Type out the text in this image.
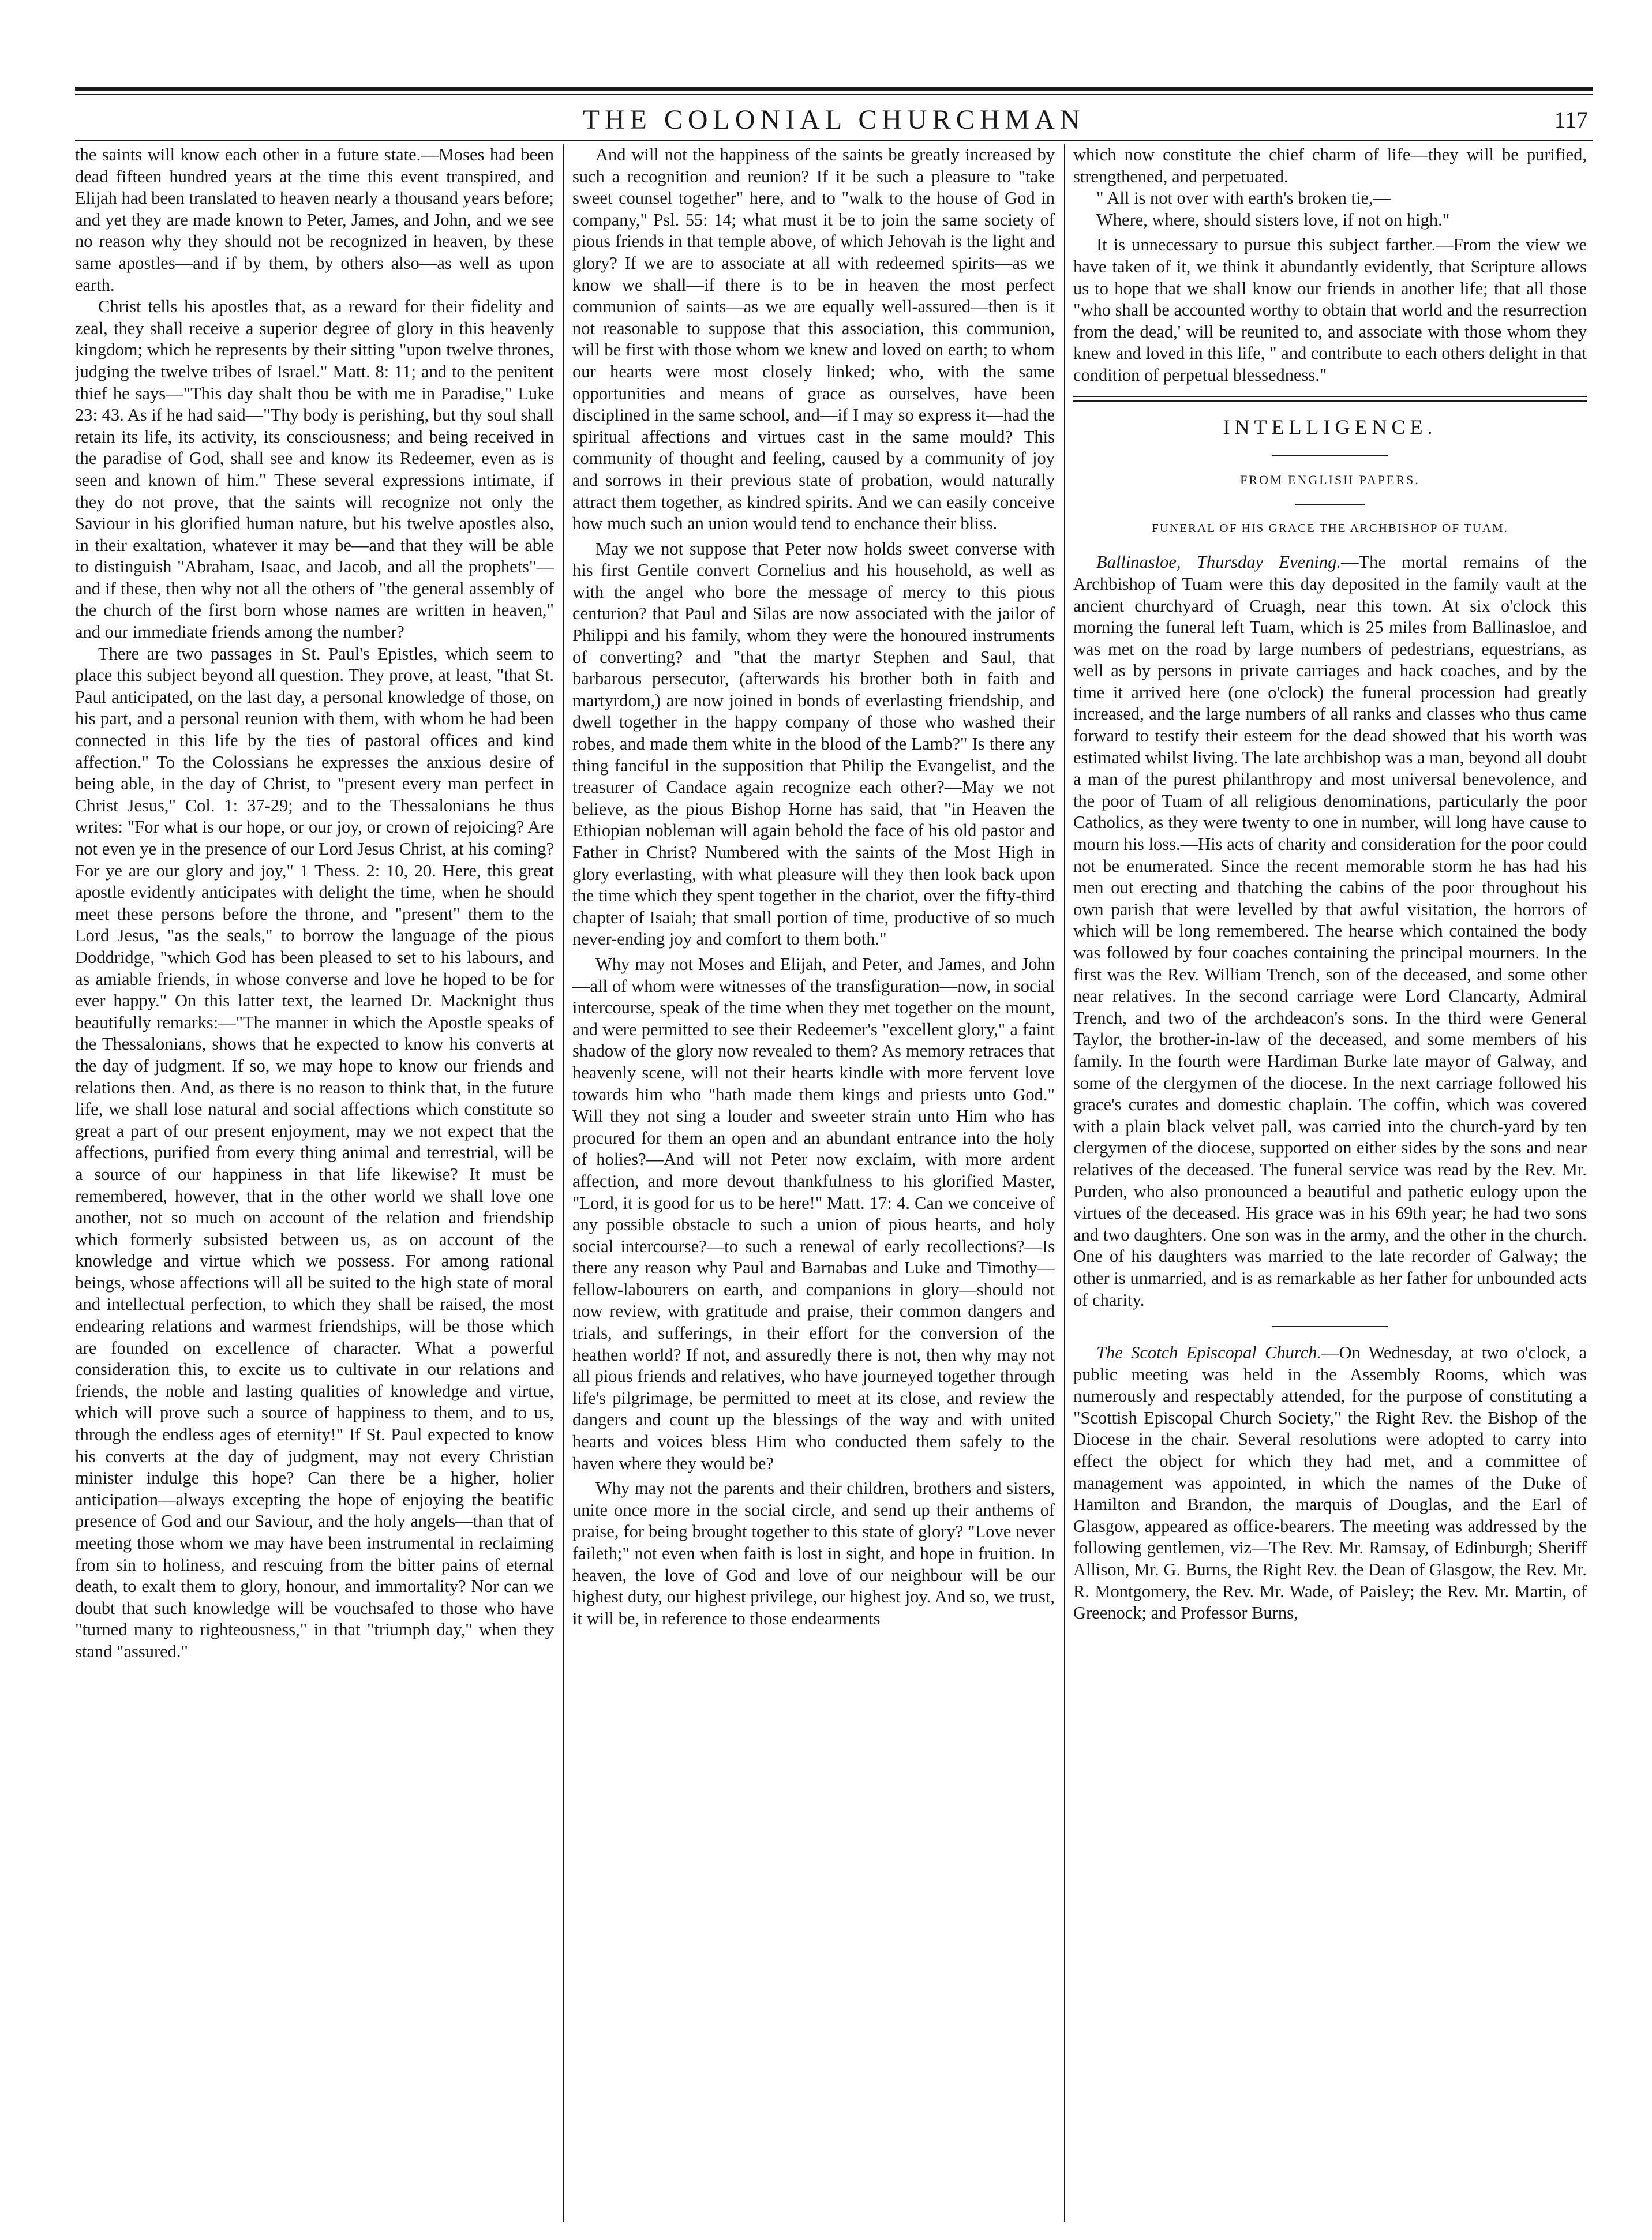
THE COLONIAL CHURCHMAN	117

the saints will know each other in a future state.—Moses had been dead fifteen hundred years at the time this event transpired, and Elijah had been translated to heaven nearly a thousand years before; and yet they are made known to Peter, James, and John, and we see no reason why they should not be recognized in heaven, by these same apostles—and if by them, by others also—as well as upon earth.

Christ tells his apostles that, as a reward for their fidelity and zeal, they shall receive a superior degree of glory in this heavenly kingdom; which he represents by their sitting "upon twelve thrones, judging the twelve tribes of Israel." Matt. 8: 11; and to the penitent thief he says—"This day shalt thou be with me in Paradise," Luke 23: 43. As if he had said—"Thy body is perishing, but thy soul shall retain its life, its activity, its consciousness; and being received in the paradise of God, shall see and know its Redeemer, even as is seen and known of him." These several expressions intimate, if they do not prove, that the saints will recognize not only the Saviour in his glorified human nature, but his twelve apostles also, in their exaltation, whatever it may be—and that they will be able to distinguish "Abraham, Isaac, and Jacob, and all the prophets"—and if these, then why not all the others of "the general assembly of the church of the first born whose names are written in heaven," and our immediate friends among the number?

There are two passages in St. Paul's Epistles, which seem to place this subject beyond all question. They prove, at least, "that St. Paul anticipated, on the last day, a personal knowledge of those, on his part, and a personal reunion with them, with whom he had been connected in this life by the ties of pastoral offices and kind affection." To the Colossians he expresses the anxious desire of being able, in the day of Christ, to "present every man perfect in Christ Jesus," Col. 1: 37-29; and to the Thessalonians he thus writes: "For what is our hope, or our joy, or crown of rejoicing? Are not even ye in the presence of our Lord Jesus Christ, at his coming? For ye are our glory and joy," 1 Thess. 2: 10, 20. Here, this great apostle evidently anticipates with delight the time, when he should meet these persons before the throne, and "present" them to the Lord Jesus, "as the seals," to borrow the language of the pious Doddridge, "which God has been pleased to set to his labours, and as amiable friends, in whose converse and love he hoped to be for ever happy." On this latter text, the learned Dr. Macknight thus beautifully remarks:—"The manner in which the Apostle speaks of the Thessalonians, shows that he expected to know his converts at the day of judgment. If so, we may hope to know our friends and relations then. And, as there is no reason to think that, in the future life, we shall lose natural and social affections which constitute so great a part of our present enjoyment, may we not expect that the affections, purified from every thing animal and terrestrial, will be a source of our happiness in that life likewise? It must be remembered, however, that in the other world we shall love one another, not so much on account of the relation and friendship which formerly subsisted between us, as on account of the knowledge and virtue which we possess. For among rational beings, whose affections will all be suited to the high state of moral and intellectual perfection, to which they shall be raised, the most endearing relations and warmest friendships, will be those which are founded on excellence of character. What a powerful consideration this, to excite us to cultivate in our relations and friends, the noble and lasting qualities of knowledge and virtue, which will prove such a source of happiness to them, and to us, through the endless ages of eternity!" If St. Paul expected to know his converts at the day of judgment, may not every Christian minister indulge this hope? Can there be a higher, holier anticipation—always excepting the hope of enjoying the beatific presence of God and our Saviour, and the holy angels—than that of meeting those whom we may have been instrumental in reclaiming from sin to holiness, and rescuing from the bitter pains of eternal death, to exalt them to glory, honour, and immortality? Nor can we doubt that such knowledge will be vouchsafed to those who have "turned many to righteousness," in that "triumph day," when they stand "assured."

And will not the happiness of the saints be greatly increased by such a recognition and reunion? If it be such a pleasure to "take sweet counsel together" here, and to "walk to the house of God in company," Psl. 55: 14; what must it be to join the same society of pious friends in that temple above, of which Jehovah is the light and glory? If we are to associate at all with redeemed spirits—as we know we shall—if there is to be in heaven the most perfect communion of saints—as we are equally well-assured—then is it not reasonable to suppose that this association, this communion, will be first with those whom we knew and loved on earth; to whom our hearts were most closely linked; who, with the same opportunities and means of grace as ourselves, have been disciplined in the same school, and—if I may so express it—had the spiritual affections and virtues cast in the same mould? This community of thought and feeling, caused by a community of joy and sorrows in their previous state of probation, would naturally attract them together, as kindred spirits. And we can easily conceive how much such an union would tend to enchance their bliss.

May we not suppose that Peter now holds sweet converse with his first Gentile convert Cornelius and his household, as well as with the angel who bore the message of mercy to this pious centurion? that Paul and Silas are now associated with the jailor of Philippi and his family, whom they were the honoured instruments of converting? and "that the martyr Stephen and Saul, that barbarous persecutor, (afterwards his brother both in faith and martyrdom,) are now joined in bonds of everlasting friendship, and dwell together in the happy company of those who washed their robes, and made them white in the blood of the Lamb?" Is there any thing fanciful in the supposition that Philip the Evangelist, and the treasurer of Candace again recognize each other?—May we not believe, as the pious Bishop Horne has said, that "in Heaven the Ethiopian nobleman will again behold the face of his old pastor and Father in Christ? Numbered with the saints of the Most High in glory everlasting, with what pleasure will they then look back upon the time which they spent together in the chariot, over the fifty-third chapter of Isaiah; that small portion of time, productive of so much never-ending joy and comfort to them both."

Why may not Moses and Elijah, and Peter, and James, and John—all of whom were witnesses of the transfiguration—now, in social intercourse, speak of the time when they met together on the mount, and were permitted to see their Redeemer's "excellent glory," a faint shadow of the glory now revealed to them? As memory retraces that heavenly scene, will not their hearts kindle with more fervent love towards him who "hath made them kings and priests unto God." Will they not sing a louder and sweeter strain unto Him who has procured for them an open and an abundant entrance into the holy of holies?—And will not Peter now exclaim, with more ardent affection, and more devout thankfulness to his glorified Master, "Lord, it is good for us to be here!" Matt. 17: 4. Can we conceive of any possible obstacle to such a union of pious hearts, and holy social intercourse?—to such a renewal of early recollections?—Is there any reason why Paul and Barnabas and Luke and Timothy—fellow-labourers on earth, and companions in glory—should not now review, with gratitude and praise, their common dangers and trials, and sufferings, in their effort for the conversion of the heathen world? If not, and assuredly there is not, then why may not all pious friends and relatives, who have journeyed together through life's pilgrimage, be permitted to meet at its close, and review the dangers and count up the blessings of the way and with united hearts and voices bless Him who conducted them safely to the haven where they would be?

Why may not the parents and their children, brothers and sisters, unite once more in the social circle, and send up their anthems of praise, for being brought together to this state of glory? "Love never faileth;" not even when faith is lost in sight, and hope in fruition. In heaven, the love of God and love of our neighbour will be our highest duty, our highest privilege, our highest joy. And so, we trust, it will be, in reference to those endearments

which now constitute the chief charm of life—they will be purified, strengthened, and perpetuated.

" All is not over with earth's broken tie,—

Where, where, should sisters love, if not on high."

It is unnecessary to pursue this subject farther.—From the view we have taken of it, we think it abundantly evidently, that Scripture allows us to hope that we shall know our friends in another life; that all those "who shall be accounted worthy to obtain that world and the resurrection from the dead,' will be reunited to, and associate with those whom they knew and loved in this life, " and contribute to each others delight in that condition of perpetual blessedness."

INTELLIGENCE.
FROM ENGLISH PAPERS.
FUNERAL OF HIS GRACE THE ARCHBISHOP OF TUAM.

Ballinasloe, Thursday Evening.—The mortal remains of the Archbishop of Tuam were this day deposited in the family vault at the ancient churchyard of Cruagh, near this town. At six o'clock this morning the funeral left Tuam, which is 25 miles from Ballinasloe, and was met on the road by large numbers of pedestrians, equestrians, as well as by persons in private carriages and hack coaches, and by the time it arrived here (one o'clock) the funeral procession had greatly increased, and the large numbers of all ranks and classes who thus came forward to testify their esteem for the dead showed that his worth was estimated whilst living. The late archbishop was a man, beyond all doubt a man of the purest philanthropy and most universal benevolence, and the poor of Tuam of all religious denominations, particularly the poor Catholics, as they were twenty to one in number, will long have cause to mourn his loss.—His acts of charity and consideration for the poor could not be enumerated. Since the recent memorable storm he has had his men out erecting and thatching the cabins of the poor throughout his own parish that were levelled by that awful visitation, the horrors of which will be long remembered. The hearse which contained the body was followed by four coaches containing the principal mourners. In the first was the Rev. William Trench, son of the deceased, and some other near relatives. In the second carriage were Lord Clancarty, Admiral Trench, and two of the archdeacon's sons. In the third were General Taylor, the brother-in-law of the deceased, and some members of his family. In the fourth were Hardiman Burke late mayor of Galway, and some of the clergymen of the diocese. In the next carriage followed his grace's curates and domestic chaplain. The coffin, which was covered with a plain black velvet pall, was carried into the church-yard by ten clergymen of the diocese, supported on either sides by the sons and near relatives of the deceased. The funeral service was read by the Rev. Mr. Purden, who also pronounced a beautiful and pathetic eulogy upon the virtues of the deceased. His grace was in his 69th year; he had two sons and two daughters. One son was in the army, and the other in the church. One of his daughters was married to the late recorder of Galway; the other is unmarried, and is as remarkable as her father for unbounded acts of charity.

The Scotch Episcopal Church.—On Wednesday, at two o'clock, a public meeting was held in the Assembly Rooms, which was numerously and respectably attended, for the purpose of constituting a "Scottish Episcopal Church Society," the Right Rev. the Bishop of the Diocese in the chair. Several resolutions were adopted to carry into effect the object for which they had met, and a committee of management was appointed, in which the names of the Duke of Hamilton and Brandon, the marquis of Douglas, and the Earl of Glasgow, appeared as office-bearers. The meeting was addressed by the following gentlemen, viz—The Rev. Mr. Ramsay, of Edinburgh; Sheriff Allison, Mr. G. Burns, the Right Rev. the Dean of Glasgow, the Rev. Mr. R. Montgomery, the Rev. Mr. Wade, of Paisley; the Rev. Mr. Martin, of Greenock; and Professor Burns,
